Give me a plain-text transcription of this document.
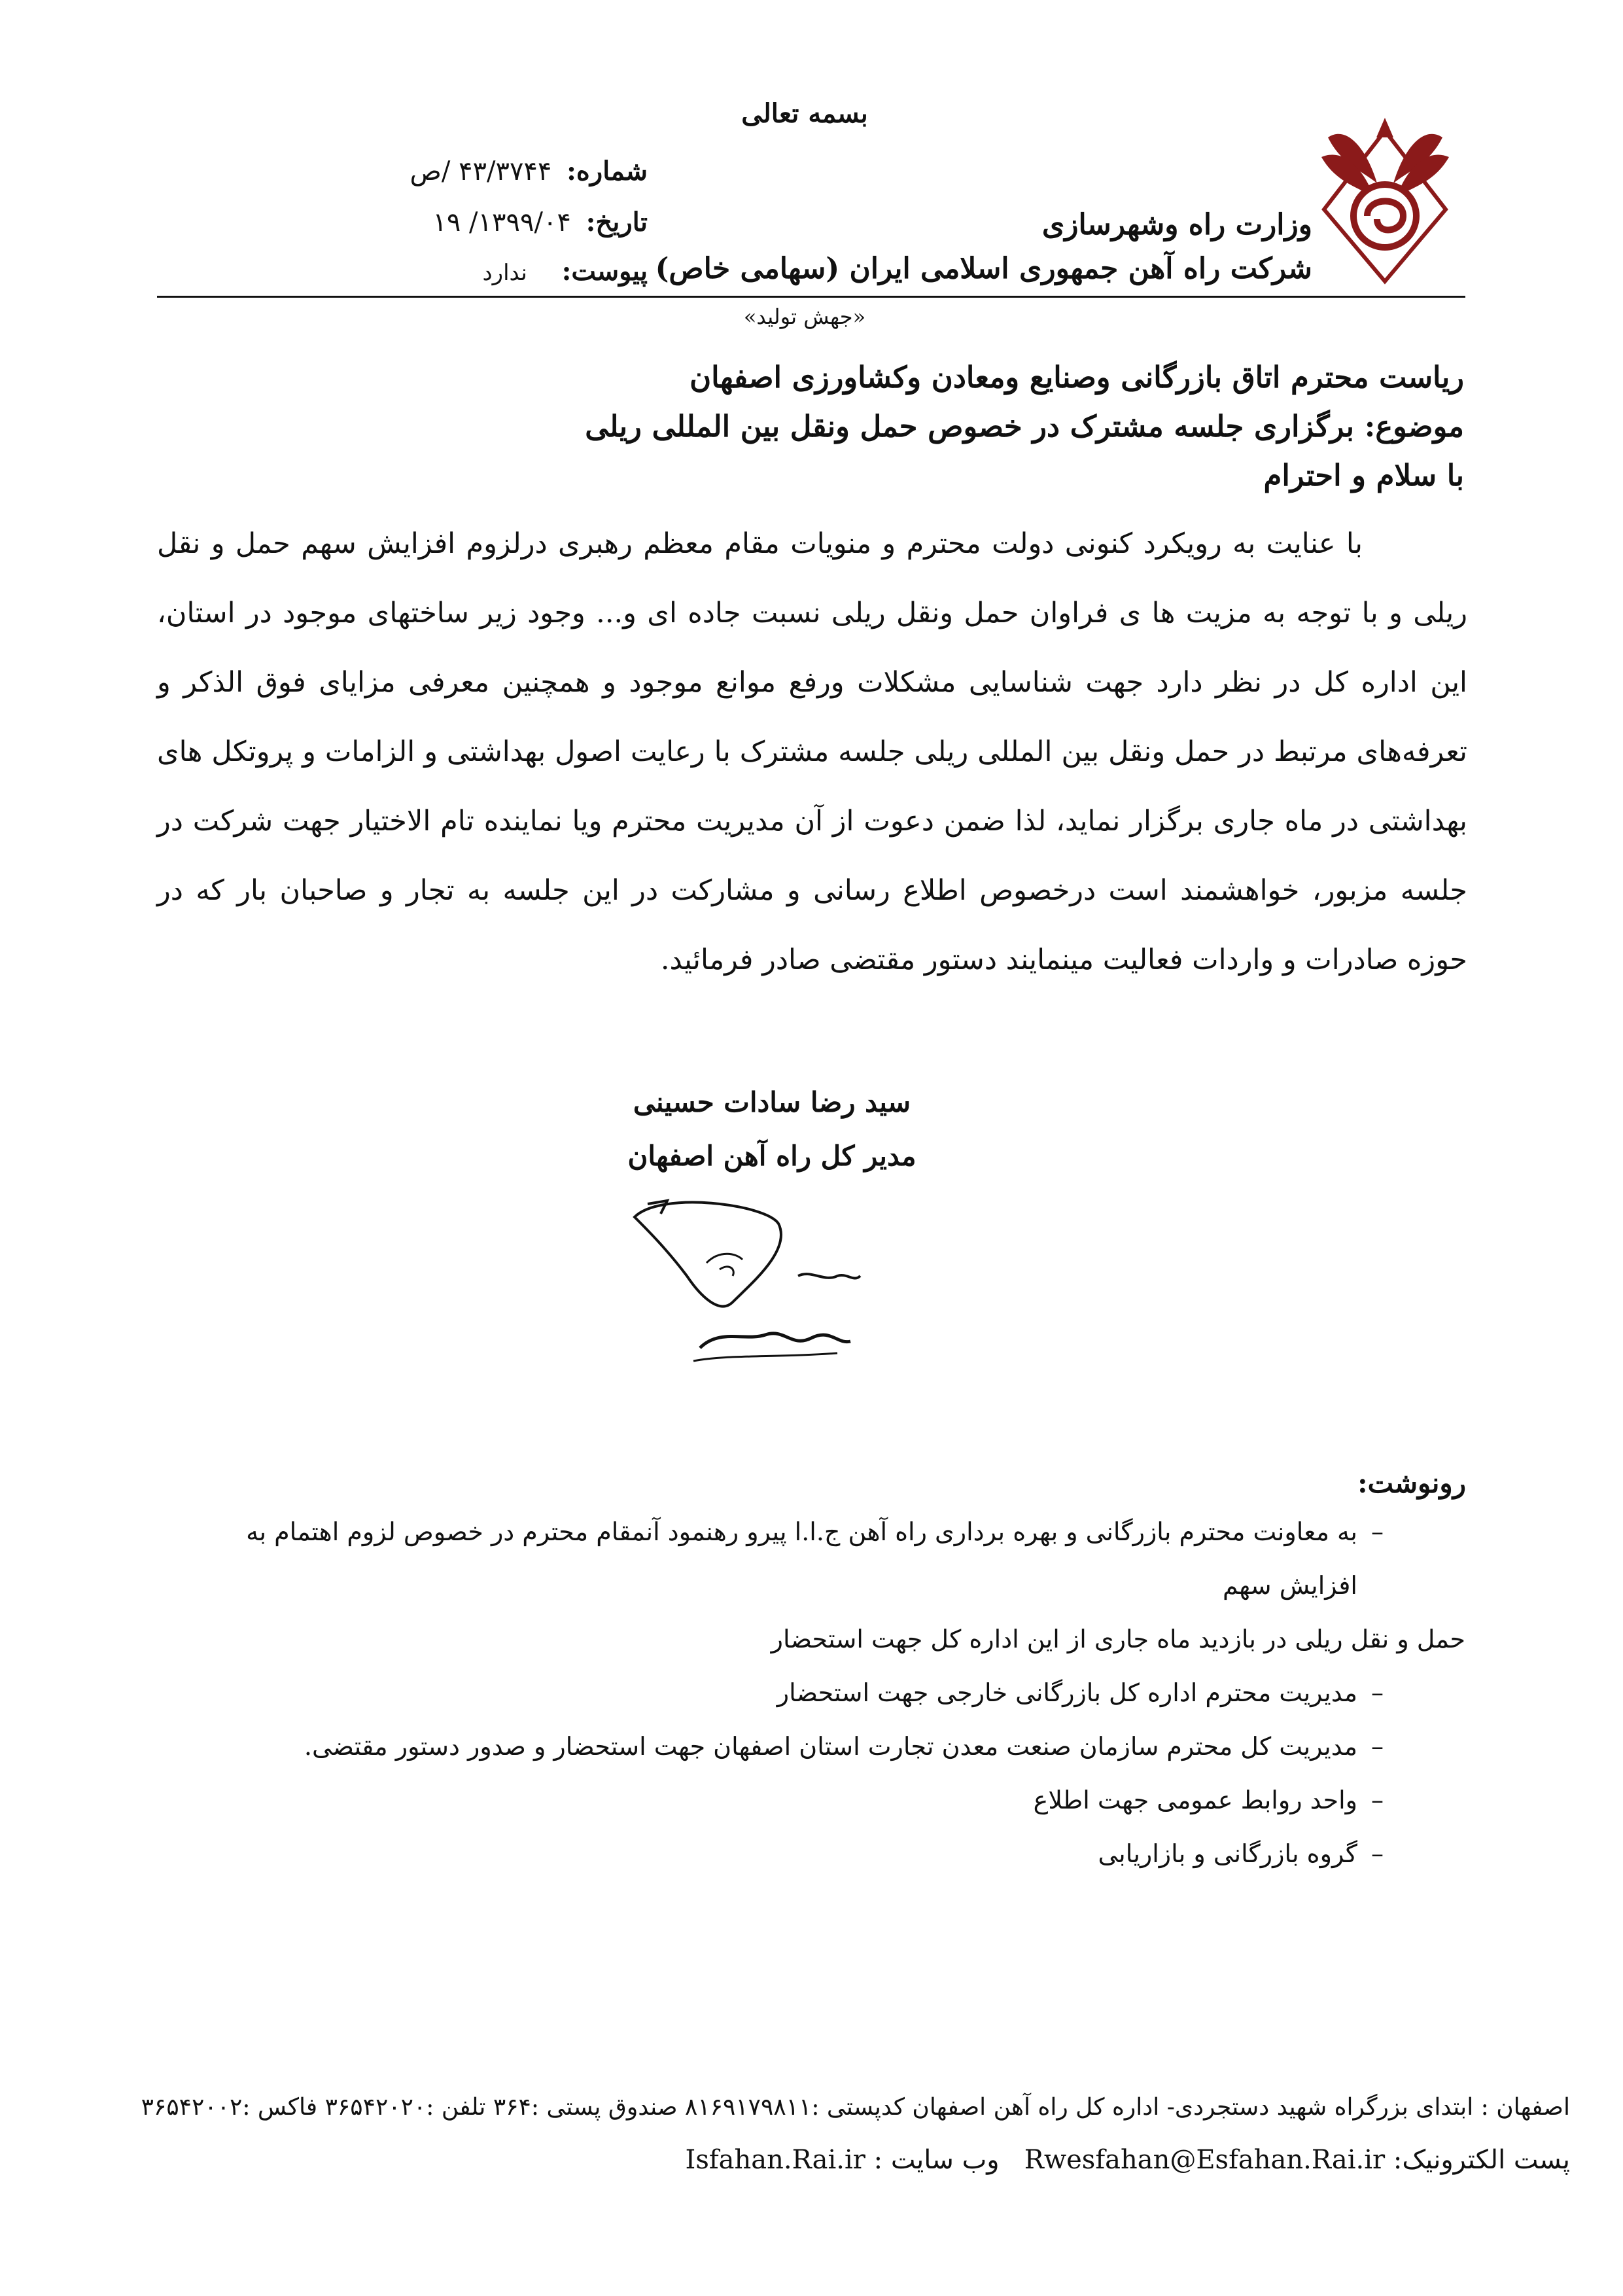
بسمه تعالی
شماره: ۴۳/۳۷۴۴ /ص
تاریخ: ۱۳۹۹/۰۴/ ۱۹
پیوست: ندارد
وزارت راه وشهرسازی
شرکت راه آهن جمهوری اسلامی ایران (سهامی خاص)
«جهش تولید»
ریاست محترم اتاق بازرگانی وصنایع ومعادن وکشاورزی اصفهان
موضوع: برگزاری جلسه مشترک در خصوص حمل ونقل بین المللی ریلی
با سلام و احترام

با عنایت به رویکرد کنونی دولت محترم و منویات مقام معظم رهبری درلزوم افزایش سهم حمل و نقل ریلی و با توجه به مزیت ها ی فراوان حمل ونقل ریلی نسبت جاده ای و... وجود زیر ساختهای موجود در استان، این اداره کل در نظر دارد جهت شناسایی مشکلات ورفع موانع موجود و همچنین معرفی مزایای فوق الذکر و تعرفه‌های مرتبط در حمل ونقل بین المللی ریلی جلسه مشترک با رعایت اصول بهداشتی و الزامات و پروتکل های بهداشتی در ماه جاری برگزار نماید، لذا ضمن دعوت از آن مدیریت محترم ویا نماینده تام الاختیار جهت شرکت در جلسه مزبور، خواهشمند است درخصوص اطلاع رسانی و مشارکت در این جلسه به تجار و صاحبان بار که در حوزه صادرات و واردات فعالیت مینمایند دستور مقتضی صادر فرمائید.

سید رضا سادات حسینی
مدیر کل راه آهن اصفهان
رونوشت:
–
به معاونت محترم بازرگانی و بهره برداری راه آهن ج.ا.ا پیرو رهنمود آنمقام محترم در خصوص لزوم اهتمام به افزایش سهم
حمل و نقل ریلی در بازدید ماه جاری از این اداره کل جهت استحضار
–
مدیریت محترم اداره کل بازرگانی خارجی جهت استحضار
–
مدیریت کل محترم سازمان صنعت معدن تجارت استان اصفهان جهت استحضار و صدور دستور مقتضی.
–
واحد روابط عمومی جهت اطلاع
–
گروه بازرگانی و بازاریابی
اصفهان : ابتدای بزرگراه شهید دستجردی- اداره کل راه آهن اصفهان کدپستی :۸۱۶۹۱۷۹۸۱۱ صندوق پستی :۳۶۴ تلفن :۳۶۵۴۲۰۲۰ فاکس :۳۶۵۴۲۰۰۲
پست الکترونیک: Rwesfahan@Esfahan.Rai.ir   وب سایت : Isfahan.Rai.ir
